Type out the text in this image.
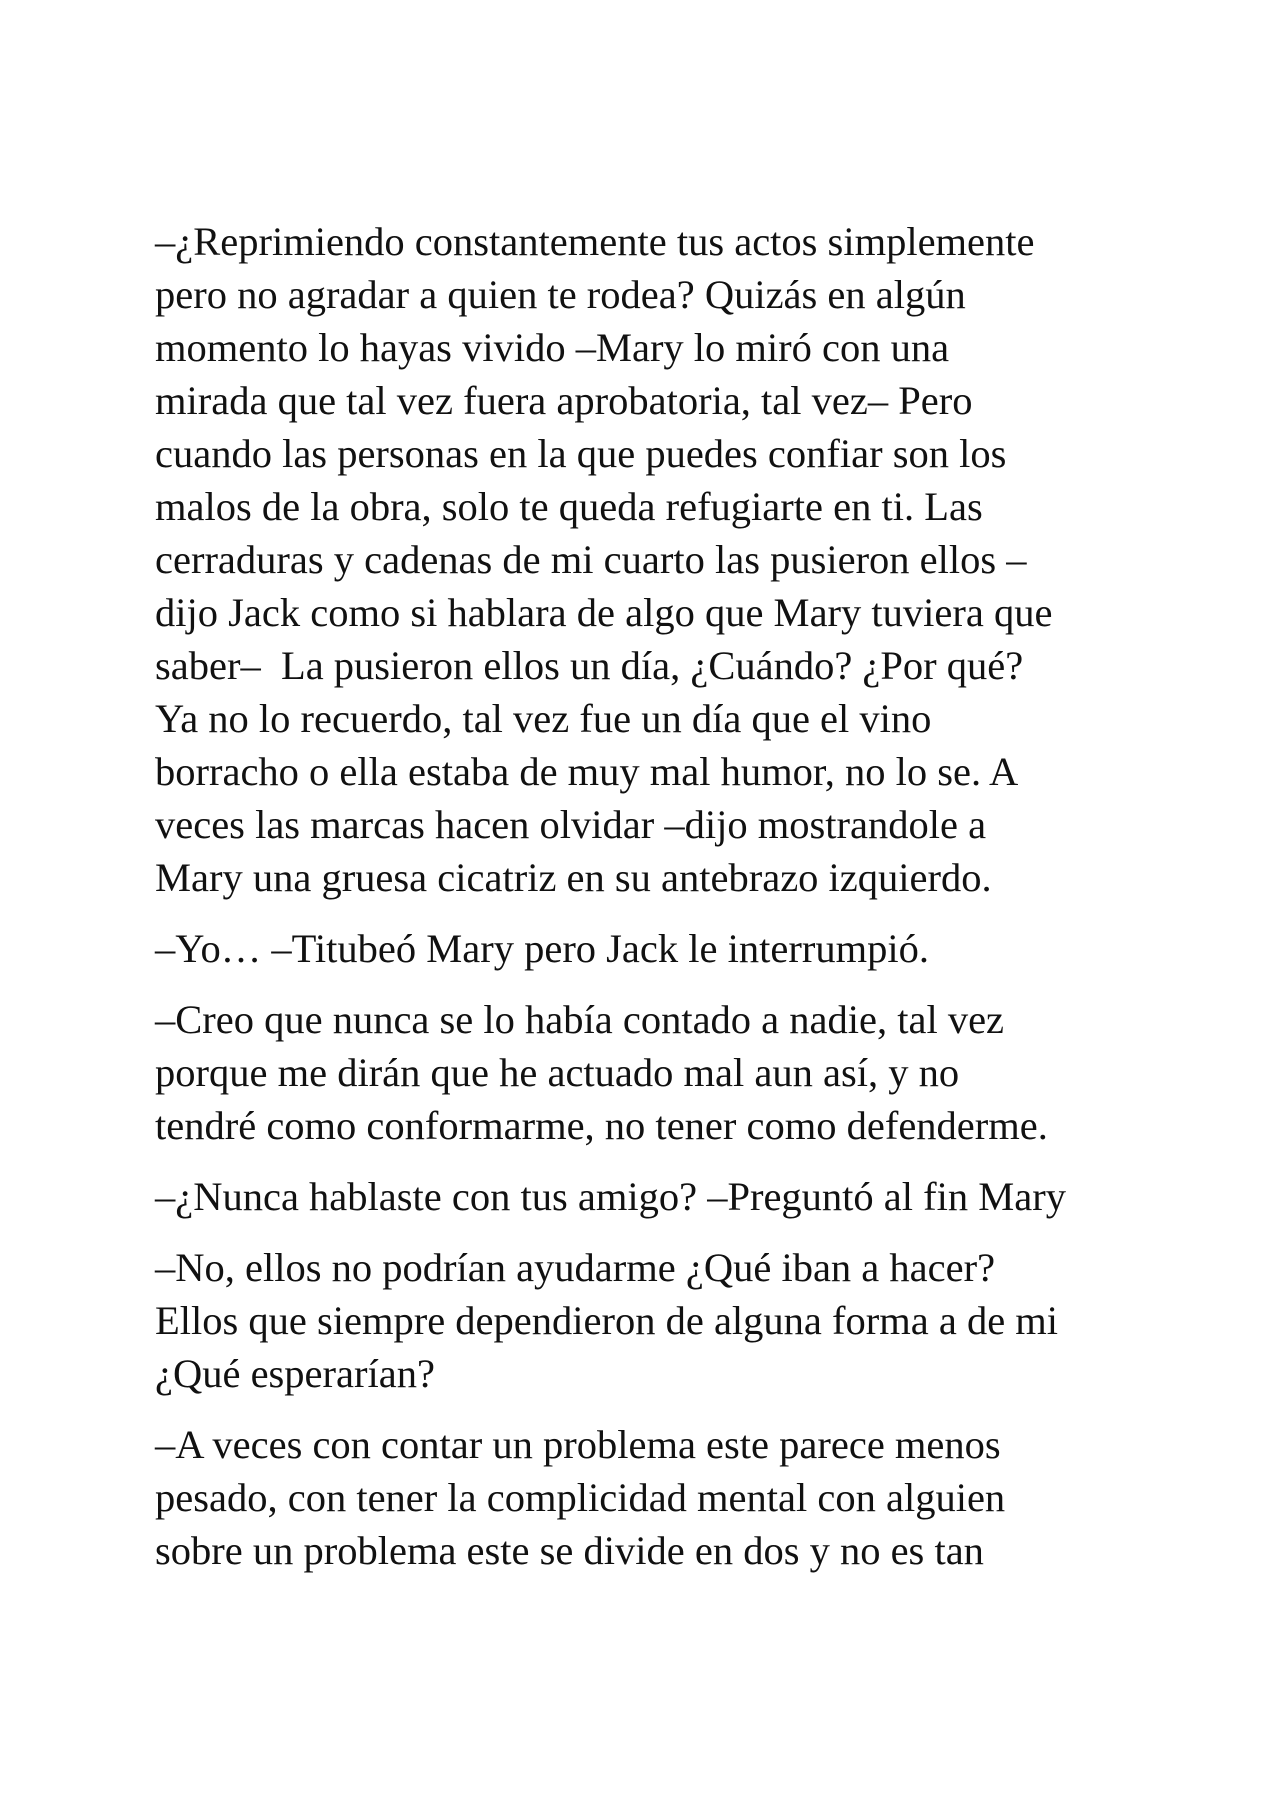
–¿Reprimiendo constantemente tus actos simplemente
pero no agradar a quien te rodea? Quizás en algún
momento lo hayas vivido –Mary lo miró con una
mirada que tal vez fuera aprobatoria, tal vez– Pero
cuando las personas en la que puedes confiar son los
malos de la obra, solo te queda refugiarte en ti. Las
cerraduras y cadenas de mi cuarto las pusieron ellos –
dijo Jack como si hablara de algo que Mary tuviera que
saber–  La pusieron ellos un día, ¿Cuándo? ¿Por qué?
Ya no lo recuerdo, tal vez fue un día que el vino
borracho o ella estaba de muy mal humor, no lo se. A
veces las marcas hacen olvidar –dijo mostrandole a
Mary una gruesa cicatriz en su antebrazo izquierdo.
–Yo… –Titubeó Mary pero Jack le interrumpió.
–Creo que nunca se lo había contado a nadie, tal vez
porque me dirán que he actuado mal aun así, y no
tendré como conformarme, no tener como defenderme.
–¿Nunca hablaste con tus amigo? –Preguntó al fin Mary
–No, ellos no podrían ayudarme ¿Qué iban a hacer?
Ellos que siempre dependieron de alguna forma a de mi
¿Qué esperarían?
–A veces con contar un problema este parece menos
pesado, con tener la complicidad mental con alguien
sobre un problema este se divide en dos y no es tan
